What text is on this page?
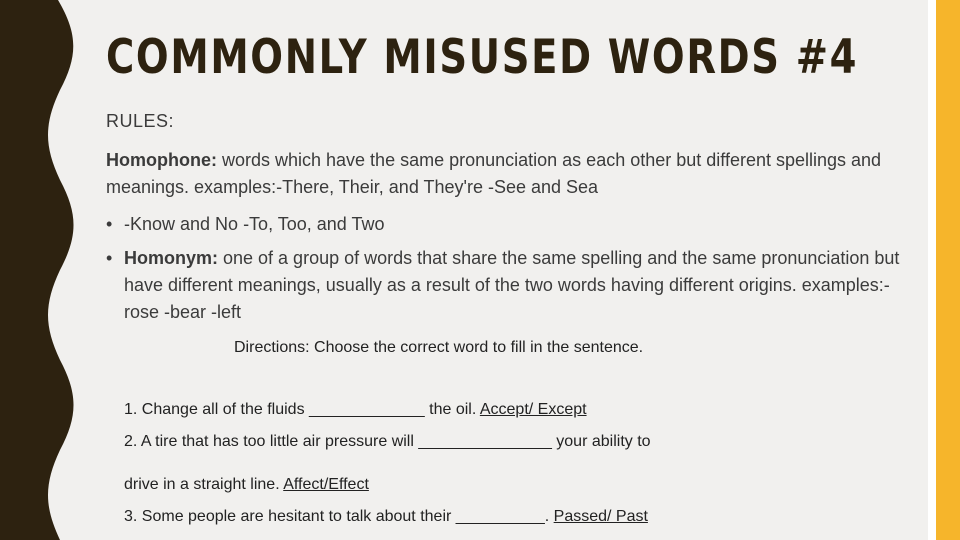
COMMONLY MISUSED WORDS #4

RULES:

Homophone: words which have the same pronunciation as each other but different spellings and meanings. examples:-There, Their, and They're -See and Sea

• -Know and No -To, Too, and Two

• Homonym: one of a group of words that share the same spelling and the same pronunciation but have different meanings, usually as a result of the two words having different origins. examples:-rose -bear -left

Directions: Choose the correct word to fill in the sentence.

1. Change all of the fluids _____________ the oil. Accept/ Except

2. A tire that has too little air pressure will _______________ your ability to

drive in a straight line. Affect/Effect

3. Some people are hesitant to talk about their __________. Passed/ Past
